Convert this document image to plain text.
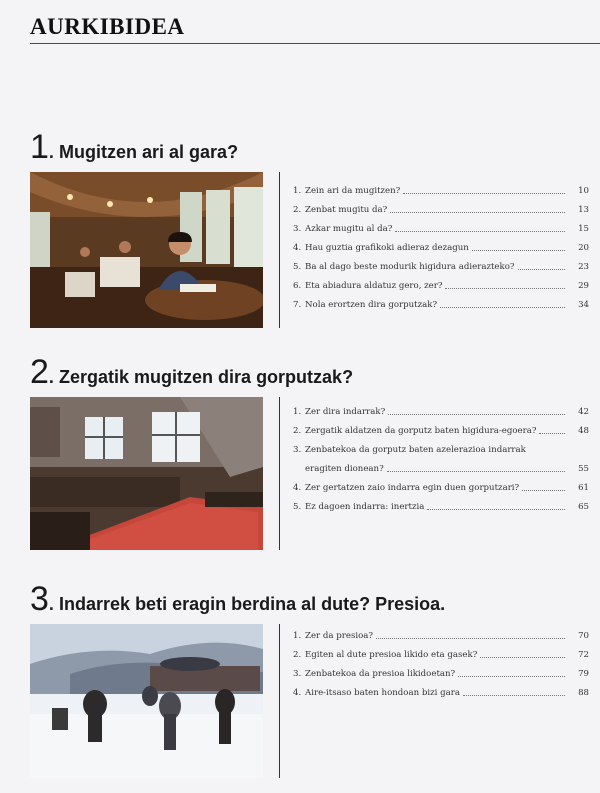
AURKIBIDEA
1. Mugitzen ari al gara?
1. Zein ari da mugitzen?	10
2. Zenbat mugitu da?	13
3. Azkar mugitu al da?	15
4. Hau guztia grafikoki adieraz dezagun	20
5. Ba al dago beste modurik higidura adierazteko?	23
6. Eta abiadura aldatuz gero, zer?	29
7. Nola erortzen dira gorputzak?	34
2. Zergatik mugitzen dira gorputzak?
1. Zer dira indarrak?	42
2. Zergatik aldatzen da gorputz baten higidura-egoera?	48
3. Zenbatekoa da gorputz baten azelerazioa indarrak
eragiten dionean?	55
4. Zer gertatzen zaio indarra egin duen gorputzari?	61
5. Ez dagoen indarra: inertzia	65
3. Indarrek beti eragin berdina al dute? Presioa.
1. Zer da presioa?	70
2. Egiten al dute presioa likido eta gasek?	72
3. Zenbatekoa da presioa likidoetan?	79
4. Aire-itsaso baten hondoan bizi gara	88
